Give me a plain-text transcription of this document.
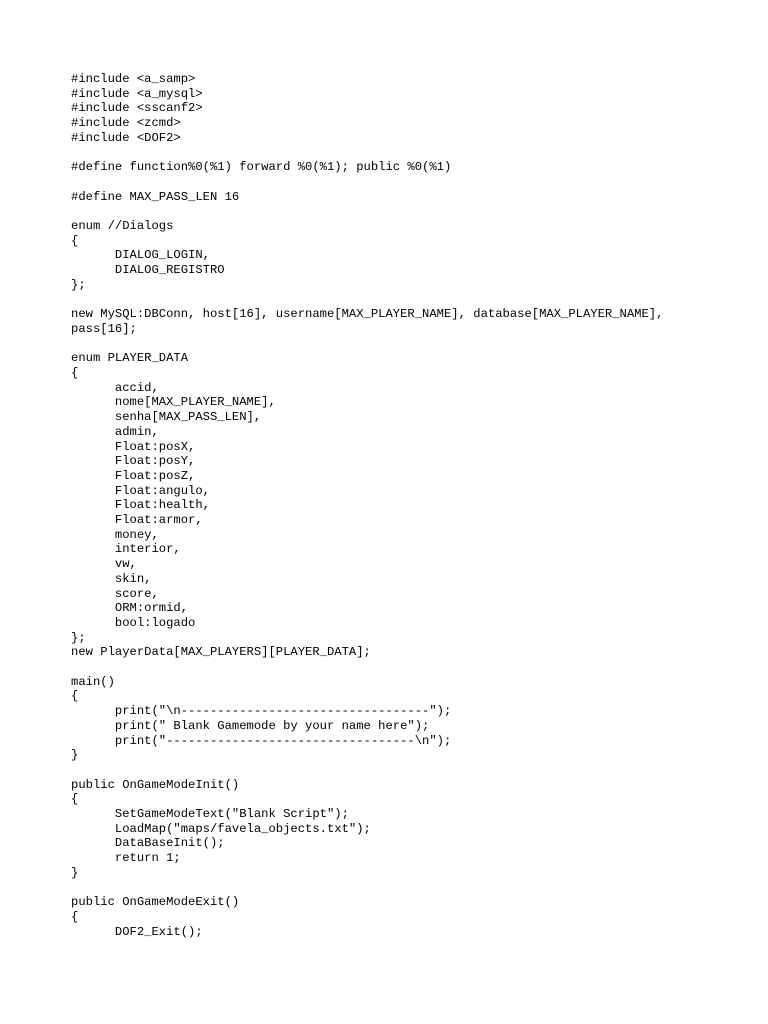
#include <a_samp>
#include <a_mysql>
#include <sscanf2>
#include <zcmd>
#include <DOF2>
#define function%0(%1) forward %0(%1); public %0(%1)
#define MAX_PASS_LEN 16
enum //Dialogs
{
DIALOG_LOGIN,
DIALOG_REGISTRO
};
new MySQL:DBConn, host[16], username[MAX_PLAYER_NAME], database[MAX_PLAYER_NAME],
pass[16];
enum PLAYER_DATA
{
accid,
nome[MAX_PLAYER_NAME],
senha[MAX_PASS_LEN],
admin,
Float:posX,
Float:posY,
Float:posZ,
Float:angulo,
Float:health,
Float:armor,
money,
interior,
vw,
skin,
score,
ORM:ormid,
bool:logado
};
new PlayerData[MAX_PLAYERS][PLAYER_DATA];
main()
{
print("\n----------------------------------");
print(" Blank Gamemode by your name here");
print("----------------------------------\n");
}
public OnGameModeInit()
{
SetGameModeText("Blank Script");
LoadMap("maps/favela_objects.txt");
DataBaseInit();
return 1;
}
public OnGameModeExit()
{
DOF2_Exit();
